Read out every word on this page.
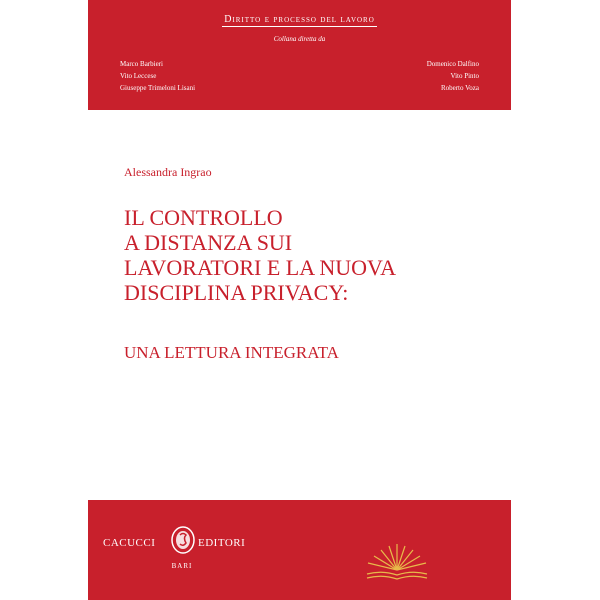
Diritto e processo del lavoro
Collana diretta da
Marco Barbieri
Vito Leccese
Giuseppe Trimeloni Lisani
Domenico Dalfino
Vito Pinto
Roberto Voza
Alessandra Ingrao
IL CONTROLLO
A DISTANZA SUI
LAVORATORI E LA NUOVA
DISCIPLINA PRIVACY:
UNA LETTURA INTEGRATA
CACUCCI	EDITORI
BARI
